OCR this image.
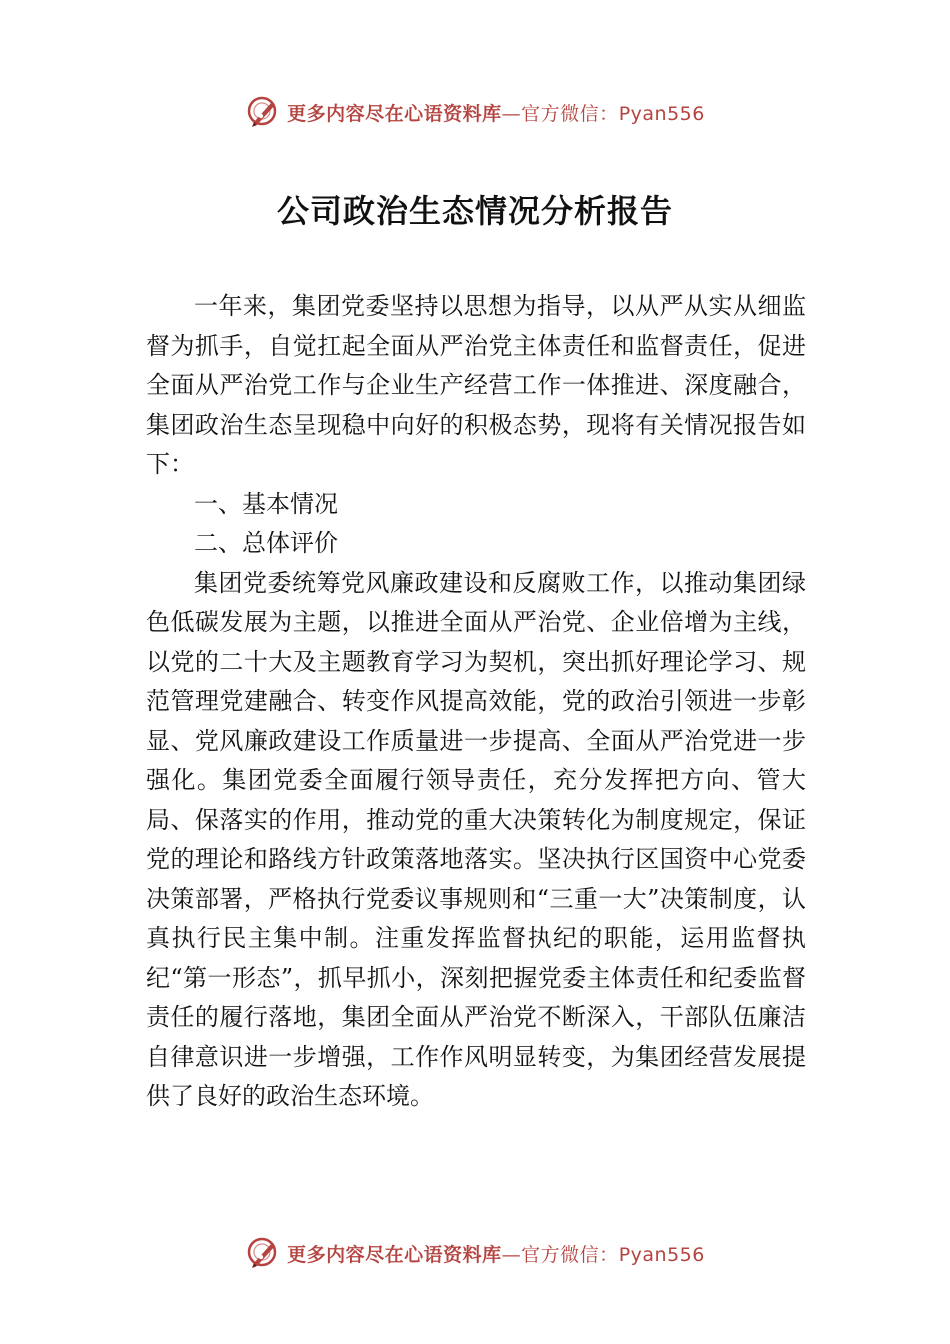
更多内容尽在心语资料库—官方微信：Pyan556
公司政治生态情况分析报告

一年来，集团党委坚持以思想为指导，以从严从实从细监督为抓手，自觉扛起全面从严治党主体责任和监督责任，促进全面从严治党工作与企业生产经营工作一体推进、深度融合，集团政治生态呈现稳中向好的积极态势，现将有关情况报告如下：

一、基本情况

二、总体评价

集团党委统筹党风廉政建设和反腐败工作，以推动集团绿色低碳发展为主题，以推进全面从严治党、企业倍增为主线，以党的二十大及主题教育学习为契机，突出抓好理论学习、规范管理党建融合、转变作风提高效能，党的政治引领进一步彰显、党风廉政建设工作质量进一步提高、全面从严治党进一步强化。集团党委全面履行领导责任，充分发挥把方向、管大局、保落实的作用，推动党的重大决策转化为制度规定，保证党的理论和路线方针政策落地落实。坚决执行区国资中心党委决策部署，严格执行党委议事规则和“三重一大”决策制度，认真执行民主集中制。注重发挥监督执纪的职能，运用监督执纪“第一形态”，抓早抓小，深刻把握党委主体责任和纪委监督责任的履行落地，集团全面从严治党不断深入，干部队伍廉洁自律意识进一步增强，工作作风明显转变，为集团经营发展提供了良好的政治生态环境。

更多内容尽在心语资料库—官方微信：Pyan556
